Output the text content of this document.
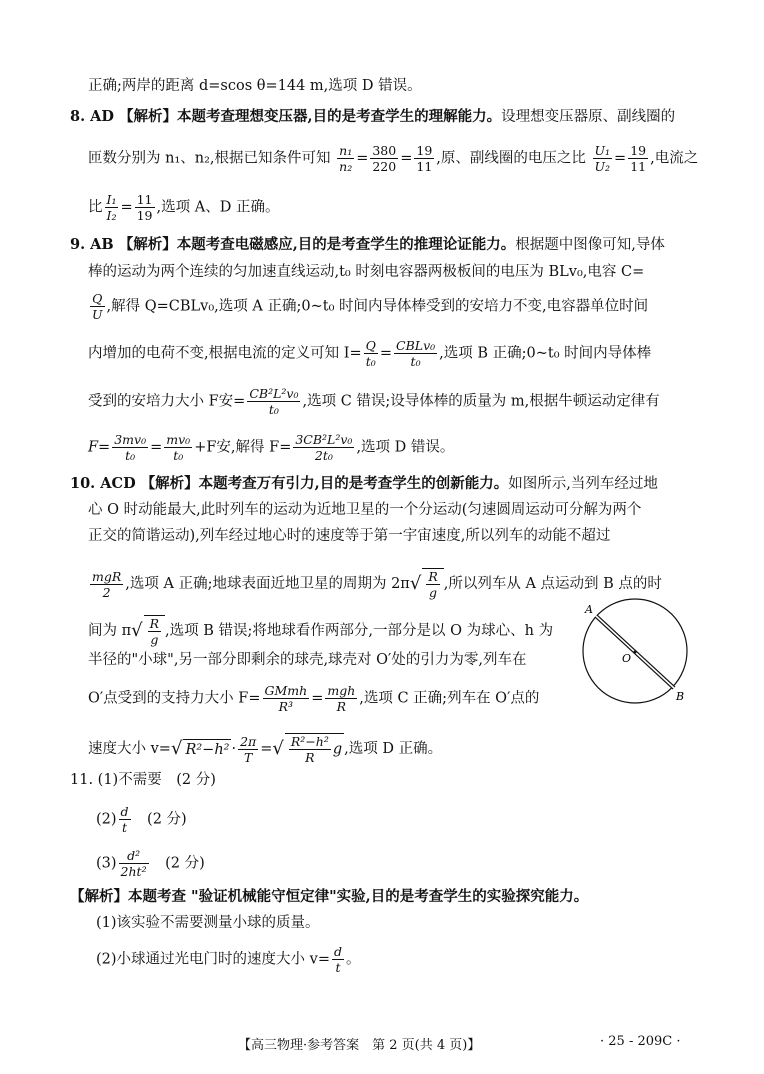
正确;两岸的距离 d=scos θ=144 m,选项 D 错误。
8. AD 【解析】本题考查理想变压器,目的是考查学生的理解能力。设理想变压器原、副线圈的
匝数分别为 n₁、n₂,根据已知条件可知 $\frac{\text{n₁}}{\text{n₂}} = \frac{380}{220} = \frac{19}{11}$ ,原、副线圈的电压之比 $\frac{\text{U₁}}{\text{U₂}} = \frac{19}{11}$ ,电流之
比 $\frac{\text{I₁}}{\text{I₂}} = \frac{11}{19}$ ,选项 A、D 正确。
9. AB 【解析】本题考查电磁感应,目的是考查学生的推理论证能力。根据题中图像可知,导体
棒的运动为两个连续的匀加速直线运动,t₀ 时刻电容器两极板间的电压为 BLv₀,电容 C=
$\frac{Q}{U}$ ,解得 Q=CBLv₀,选项 A 正确;0~t₀ 时间内导体棒受到的安培力不变,电容器单位时间
内增加的电荷不变,根据电流的定义可知 $I= \frac{Q}{\text{t₀}} = \frac{\text{CBLv₀}}{\text{t₀}}$ ,选项 B 正确;0~t₀ 时间内导体棒
受到的安培力大小 F安= $\frac{\text{CB²L²v₀}}{\text{t₀}}$ ,选项 C 错误;设导体棒的质量为 m,根据牛顿运动定律有
$F= \frac{\text{3mv₀}}{\text{t₀}} = \frac{\text{mv₀}}{\text{t₀}} +F$安,解得 $F= \frac{\text{3CB²L²v₀}}{\text{2t₀}}$ ,选项 D 错误。
10. ACD 【解析】本题考查万有引力,目的是考查学生的创新能力。如图所示,当列车经过地
心 O 时动能最大,此时列车的运动为近地卫星的一个分运动(匀速圆周运动可分解为两个
正交的简谐运动),列车经过地心时的速度等于第一宇宙速度,所以列车的动能不超过
$\frac{\text{mgR}}{2}$ ,选项 A 正确;地球表面近地卫星的周期为 $2\pi√ \frac{R}{g}$ ,所以列车从 A 点运动到 B 点的时
间为 $\pi√ \frac{R}{g}$ ,选项 B 错误;将地球看作两部分,一部分是以 O 为球心、h 为
半径的"小球",另一部分即剩余的球壳,球壳对 O′处的引力为零,列车在
O′点受到的支持力大小 $F= \frac{\text{GMmh}}{\text{R³}} = \frac{\text{mgh}}{R}$ ,选项 C 正确;列车在 O′点的
速度大小 v=√ $R^2-h^2 \cdot \frac{2\pi}{T}$ =√ $\frac{\text{R²−h²}}{R}$ g ,选项 D 正确。
A
B
O
11. (1)不需要　(2 分)
$(2) \frac{d}{t}$ 　(2 分)
$(3) \frac{\text{d²}}{\text{2ht²}}$ 　(2 分)
【解析】本题考查 "验证机械能守恒定律"实验,目的是考查学生的实验探究能力。
(1)该实验不需要测量小球的质量。
(2)小球通过光电门时的速度大小 $v= \frac{d}{t}$ 。
【高三物理·参考答案　第 2 页(共 4 页)】	· 25 - 209C ·
